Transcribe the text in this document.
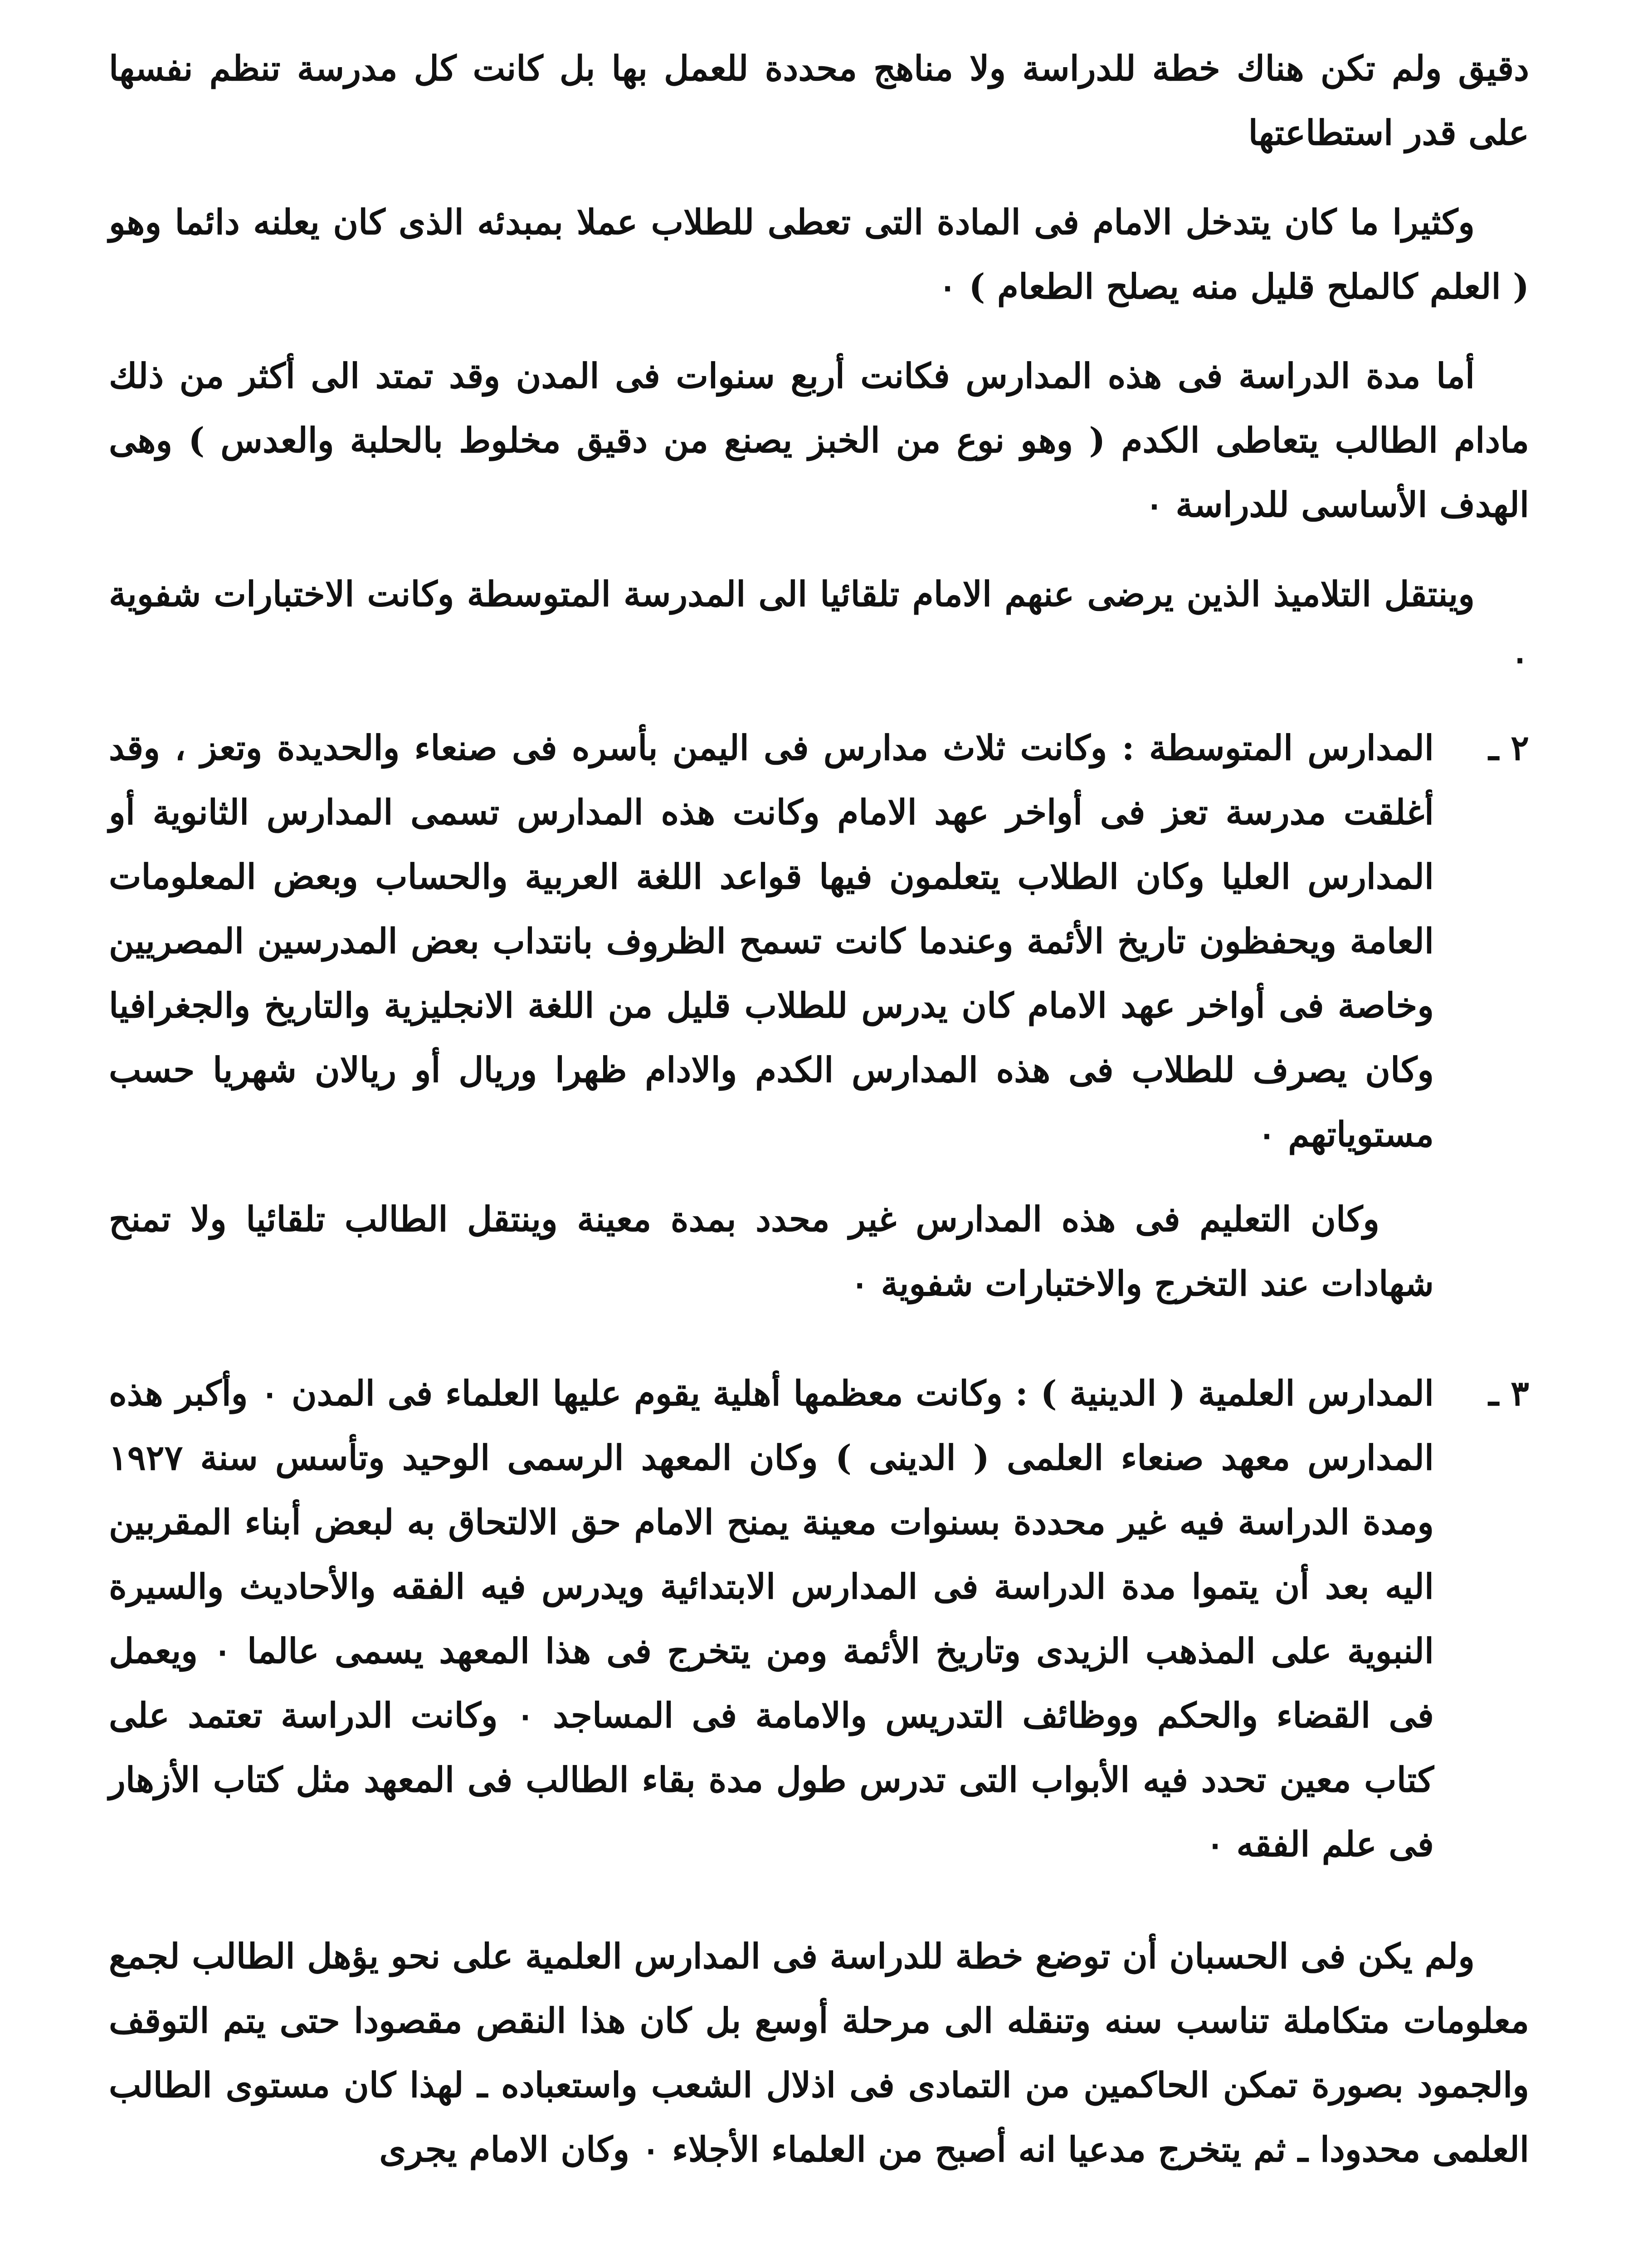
دقيق ولم تكن هناك خطة للدراسة ولا مناهج محددة للعمل بها بل كانت كل مدرسة تنظم نفسها على قدر استطاعتها

وكثيرا ما كان يتدخل الامام فى المادة التى تعطى للطلاب عملا بمبدئه الذى كان يعلنه دائما وهو ( العلم كالملح قليل منه يصلح الطعام ) ٠

أما مدة الدراسة فى هذه المدارس فكانت أربع سنوات فى المدن وقد تمتد الى أكثر من ذلك مادام الطالب يتعاطى الكدم ( وهو نوع من الخبز يصنع من دقيق مخلوط بالحلبة والعدس ) وهى الهدف الأساسى للدراسة ٠

وينتقل التلاميذ الذين يرضى عنهم الامام تلقائيا الى المدرسة المتوسطة وكانت الاختبارات شفوية ٠

٢ ـ

المدارس المتوسطة : وكانت ثلاث مدارس فى اليمن بأسره فى صنعاء والحديدة وتعز ، وقد أغلقت مدرسة تعز فى أواخر عهد الامام وكانت هذه المدارس تسمى المدارس الثانوية أو المدارس العليا وكان الطلاب يتعلمون فيها قواعد اللغة العربية والحساب وبعض المعلومات العامة ويحفظون تاريخ الأئمة وعندما كانت تسمح الظروف بانتداب بعض المدرسين المصريين وخاصة فى أواخر عهد الامام كان يدرس للطلاب قليل من اللغة الانجليزية والتاريخ والجغرافيا وكان يصرف للطلاب فى هذه المدارس الكدم والادام ظهرا وريال أو ريالان شهريا حسب مستوياتهم ٠

وكان التعليم فى هذه المدارس غير محدد بمدة معينة وينتقل الطالب تلقائيا ولا تمنح شهادات عند التخرج والاختبارات شفوية ٠

٣ ـ

المدارس العلمية ( الدينية ) : وكانت معظمها أهلية يقوم عليها العلماء فى المدن ٠ وأكبر هذه المدارس معهد صنعاء العلمى ( الدينى ) وكان المعهد الرسمى الوحيد وتأسس سنة ١٩٢٧ ومدة الدراسة فيه غير محددة بسنوات معينة يمنح الامام حق الالتحاق به لبعض أبناء المقربين اليه بعد أن يتموا مدة الدراسة فى المدارس الابتدائية ويدرس فيه الفقه والأحاديث والسيرة النبوية على المذهب الزيدى وتاريخ الأئمة ومن يتخرج فى هذا المعهد يسمى عالما ٠ ويعمل فى القضاء والحكم ووظائف التدريس والامامة فى المساجد ٠ وكانت الدراسة تعتمد على كتاب معين تحدد فيه الأبواب التى تدرس طول مدة بقاء الطالب فى المعهد مثل كتاب الأزهار فى علم الفقه ٠

ولم يكن فى الحسبان أن توضع خطة للدراسة فى المدارس العلمية على نحو يؤهل الطالب لجمع معلومات متكاملة تناسب سنه وتنقله الى مرحلة أوسع بل كان هذا النقص مقصودا حتى يتم التوقف والجمود بصورة تمكن الحاكمين من التمادى فى اذلال الشعب واستعباده ـ لهذا كان مستوى الطالب العلمى محدودا ـ ثم يتخرج مدعيا انه أصبح من العلماء الأجلاء ٠ وكان الامام يجرى
